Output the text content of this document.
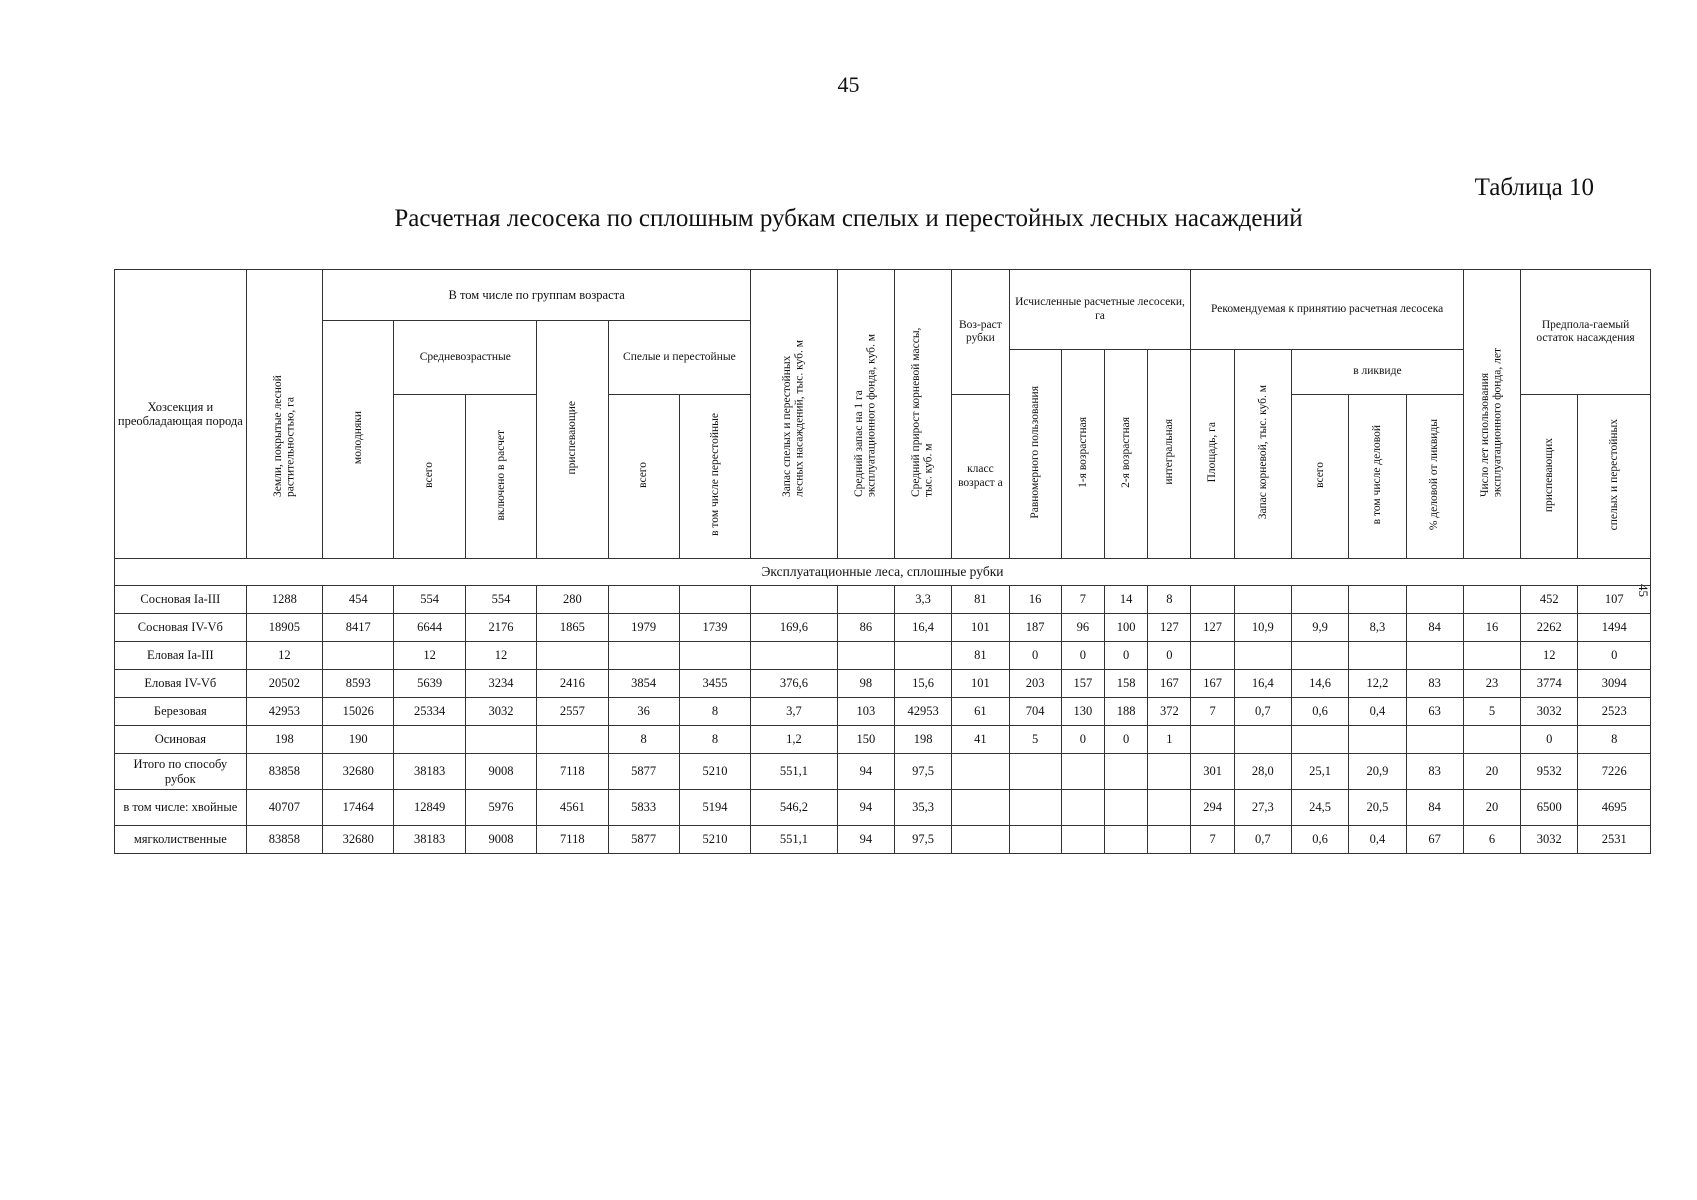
45
Таблица 10
Расчетная лесосека по сплошным рубкам спелых и перестойных лесных насаждений
45
Хозсекция и преобладающая порода	Земли, покрытые лесной растительностью, га	В том числе по группам возраста						Запас спелых и перестойных лесных насаждений, тыс. куб. м	Средний запас на 1 га эксплуатационного фонда, куб. м	Средний прирост корневой массы, тыс. куб. м	Воз-раст рубки	Исчисленные расчетные лесосеки, га				Рекомендуемая к принятию расчетная лесосека					Число лет использования эксплуатационного фонда, лет	Предпола-гаемый остаток насаждения	
		молодняки	Средневозрастные		приспевающие	Спелые и перестойные																	
												Равномерного пользования	1-я возрастная	2-я возрастная	интегральная	Площадь, га	Запас корневой, тыс. куб. м	в ликвиде					
			всего	включено в расчет		всего	в том числе перестойные				класс возраст а							всего	в том числе деловой	% деловой от ликвиды		приспевающих	спелых и перестойных
Эксплуатационные леса, сплошные рубки																							
Сосновая Ia-III	1288	454	554	554	280					3,3	81	16	7	14	8							452	107
Сосновая IV-Vб	18905	8417	6644	2176	1865	1979	1739	169,6	86	16,4	101	187	96	100	127	127	10,9	9,9	8,3	84	16	2262	1494
Еловая Ia-III	12		12	12							81	0	0	0	0							12	0
Еловая IV-Vб	20502	8593	5639	3234	2416	3854	3455	376,6	98	15,6	101	203	157	158	167	167	16,4	14,6	12,2	83	23	3774	3094
Березовая	42953	15026	25334	3032	2557	36	8	3,7	103	42953	61	704	130	188	372	7	0,7	0,6	0,4	63	5	3032	2523
Осиновая	198	190				8	8	1,2	150	198	41	5	0	0	1							0	8
Итого по способу рубок	83858	32680	38183	9008	7118	5877	5210	551,1	94	97,5						301	28,0	25,1	20,9	83	20	9532	7226
в том числе: хвойные	40707	17464	12849	5976	4561	5833	5194	546,2	94	35,3						294	27,3	24,5	20,5	84	20	6500	4695
мягколиственные	83858	32680	38183	9008	7118	5877	5210	551,1	94	97,5						7	0,7	0,6	0,4	67	6	3032	2531
